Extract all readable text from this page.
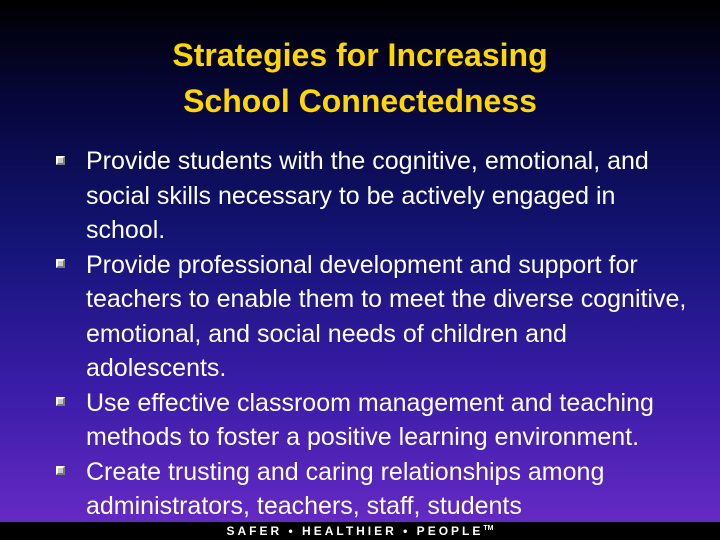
Strategies for Increasing
School Connectedness
Provide students with the cognitive, emotional, and social skills necessary to be actively engaged in school.
Provide professional development and support for teachers to enable them to meet the diverse cognitive, emotional, and social needs of children and adolescents.
Use effective classroom management and teaching methods to foster a positive learning environment.
Create trusting and caring relationships among administrators, teachers, staff, students
SAFER • HEALTHIER • PEOPLE™
